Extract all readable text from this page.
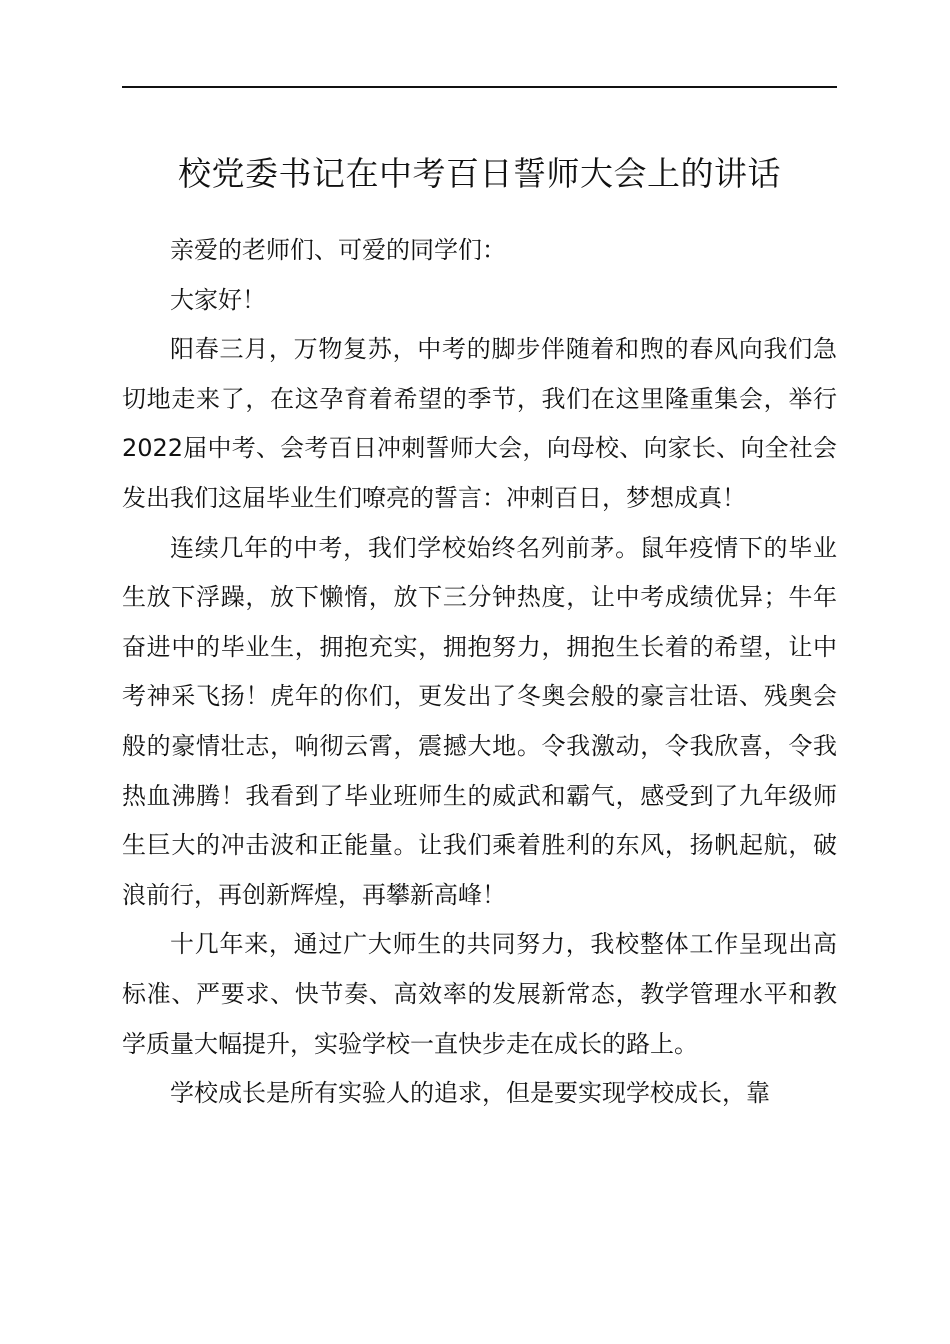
校党委书记在中考百日誓师大会上的讲话

亲爱的老师们、可爱的同学们：

大家好！

阳春三月，万物复苏，中考的脚步伴随着和煦的春风向我们急切地走来了，在这孕育着希望的季节，我们在这里隆重集会，举行2022届中考、会考百日冲刺誓师大会，向母校、向家长、向全社会发出我们这届毕业生们嘹亮的誓言：冲刺百日，梦想成真！

连续几年的中考，我们学校始终名列前茅。鼠年疫情下的毕业生放下浮躁，放下懒惰，放下三分钟热度，让中考成绩优异；牛年奋进中的毕业生，拥抱充实，拥抱努力，拥抱生长着的希望，让中考神采飞扬！虎年的你们，更发出了冬奥会般的豪言壮语、残奥会般的豪情壮志，响彻云霄，震撼大地。令我激动，令我欣喜，令我热血沸腾！我看到了毕业班师生的威武和霸气，感受到了九年级师生巨大的冲击波和正能量。让我们乘着胜利的东风，扬帆起航，破浪前行，再创新辉煌，再攀新高峰！

十几年来，通过广大师生的共同努力，我校整体工作呈现出高标准、严要求、快节奏、高效率的发展新常态，教学管理水平和教学质量大幅提升，实验学校一直快步走在成长的路上。

学校成长是所有实验人的追求，但是要实现学校成长，靠
